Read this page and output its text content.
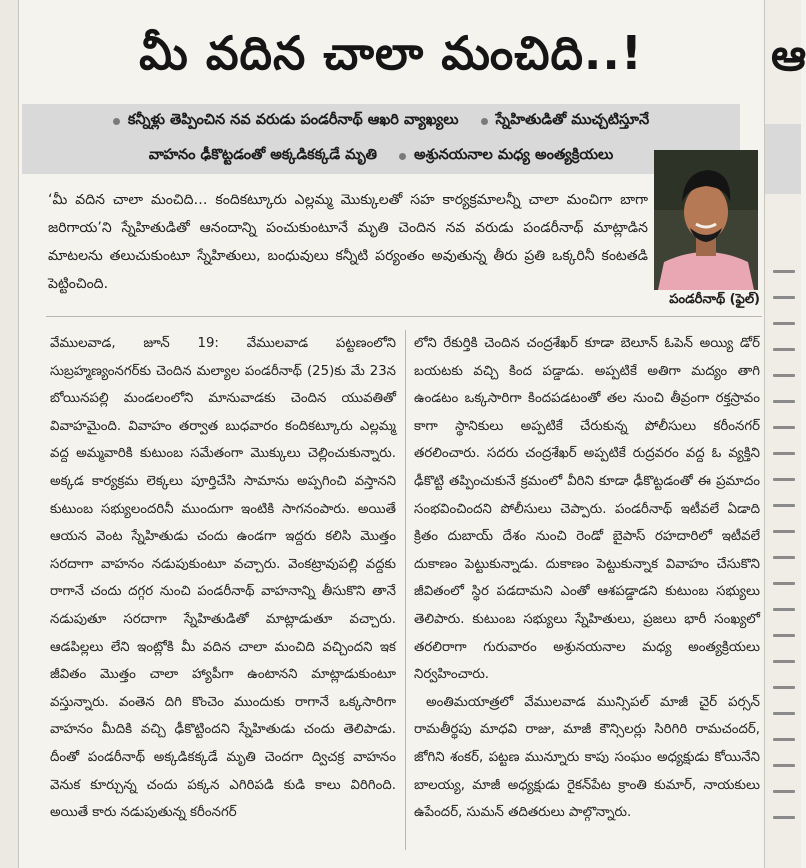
మీ వదిన చాలా మంచిది..!
కన్నీళ్లు తెప్పించిన నవ వరుడు పండరీనాథ్ ఆఖరి వ్యాఖ్యలు	స్నేహితుడితో ముచ్చటిస్తూనే
వాహనం ఢీకొట్టడంతో అక్కడికక్కడే మృతి	అశ్రునయనాల మధ్య అంత్యక్రియలు
‘మీ వదిన చాలా మంచిది… కందికట్కూరు ఎల్లమ్మ మొక్కులతో సహ కార్యక్రమాలన్నీ చాలా మంచిగా బాగా జరిగాయ’ని స్నేహితుడితో ఆనందాన్ని పంచుకుంటూనే మృతి చెందిన నవ వరుడు పండరీనాథ్ మాట్లాడిన మాటలను తలుచుకుంటూ స్నేహితులు, బంధువులు కన్నీటి పర్యంతం అవుతున్న తీరు ప్రతి ఒక్కరినీ కంటతడి పెట్టించింది.
పండరీనాథ్ (ఫైల్)

వేములవాడ, జూన్ 19: వేములవాడ పట్టణంలోని సుబ్రహ్మణ్యంనగర్‌కు చెందిన మల్యాల పండరీనాథ్ (25)కు మే 23న బోయినపల్లి మండలంలోని మానువాడకు చెందిన యువతితో వివాహమైంది. వివాహం తర్వాత బుధవారం కందికట్కూరు ఎల్లమ్మ వద్ద అమ్మవారికి కుటుంబ సమేతంగా మొక్కులు చెల్లించుకున్నారు. అక్కడ కార్యక్రమ లెక్కలు పూర్తిచేసి సామాను అప్పగించి వస్తానని కుటుంబ సభ్యులందరినీ ముందుగా ఇంటికి సాగనంపారు. అయితే ఆయన వెంట స్నేహితుడు చందు ఉండగా ఇద్దరు కలిసి మొత్తం సరదాగా వాహనం నడుపుకుంటూ వచ్చారు. వెంకట్రావుపల్లి వద్దకు రాగానే చందు దగ్గర నుంచి పండరీనాథ్ వాహనాన్ని తీసుకొని తానే నడుపుతూ సరదాగా స్నేహితుడితో మాట్లాడుతూ వచ్చారు. ఆడపిల్లలు లేని ఇంట్లోకి మీ వదిన చాలా మంచిది వచ్చిందని ఇక జీవితం మొత్తం చాలా హ్యాపీగా ఉంటానని మాట్లాడుకుంటూ వస్తున్నారు. వంతెన దిగి కొంచెం ముందుకు రాగానే ఒక్కసారిగా వాహనం మీదికి వచ్చి ఢీకొట్టిందని స్నేహితుడు చందు తెలిపాడు. దీంతో పండరీనాథ్ అక్కడికక్కడే మృతి చెందగా ద్విచక్ర వాహనం వెనుక కూర్చున్న చందు పక్కన ఎగిరిపడి కుడి కాలు విరిగింది. అయితే కారు నడుపుతున్న కరీంనగర్

లోని రేకుర్తికి చెందిన చంద్రశేఖర్ కూడా బెలూన్ ఓపెన్ అయ్యి డోర్ బయటకు వచ్చి కింద పడ్డాడు. అప్పటికే అతిగా మద్యం తాగి ఉండటం ఒక్కసారిగా కిందపడటంతో తల నుంచి తీవ్రంగా రక్తస్రావం కాగా స్థానికులు అప్పటికే చేరుకున్న పోలీసులు కరీంనగర్ తరలించారు. సదరు చంద్రశేఖర్ అప్పటికే రుద్రవరం వద్ద ఓ వ్యక్తిని ఢీకొట్టి తప్పించుకునే క్రమంలో వీరిని కూడా ఢీకొట్టడంతో ఈ ప్రమాదం సంభవించిందని పోలీసులు చెప్పారు. పండరీనాథ్ ఇటీవలే ఏడాది క్రితం దుబాయ్ దేశం నుంచి రెండో బైపాస్ రహదారిలో ఇటీవలే దుకాణం పెట్టుకున్నాడు. దుకాణం పెట్టుకున్నాక వివాహం చేసుకొని జీవితంలో స్థిర పడదామని ఎంతో ఆశపడ్డాడని కుటుంబ సభ్యులు తెలిపారు. కుటుంబ సభ్యులు స్నేహితులు, ప్రజలు భారీ సంఖ్యలో తరలిరాగా గురువారం అశ్రునయనాల మధ్య అంత్యక్రియలు నిర్వహించారు.

అంతిమయాత్రలో వేములవాడ మున్సిపల్ మాజీ చైర్ పర్సన్ రామతీర్థపు మాధవి రాజు, మాజీ కౌన్సిలర్లు సిరిగిరి రామచందర్, జోగిని శంకర్, పట్టణ మున్నూరు కాపు సంఘం అధ్యక్షుడు కోయినేని బాలయ్య, మాజీ అధ్యక్షుడు రైకన్‌పేట క్రాంతి కుమార్, నాయకులు ఉపేందర్, సుమన్ తదితరులు పాల్గొన్నారు.

ఆ
